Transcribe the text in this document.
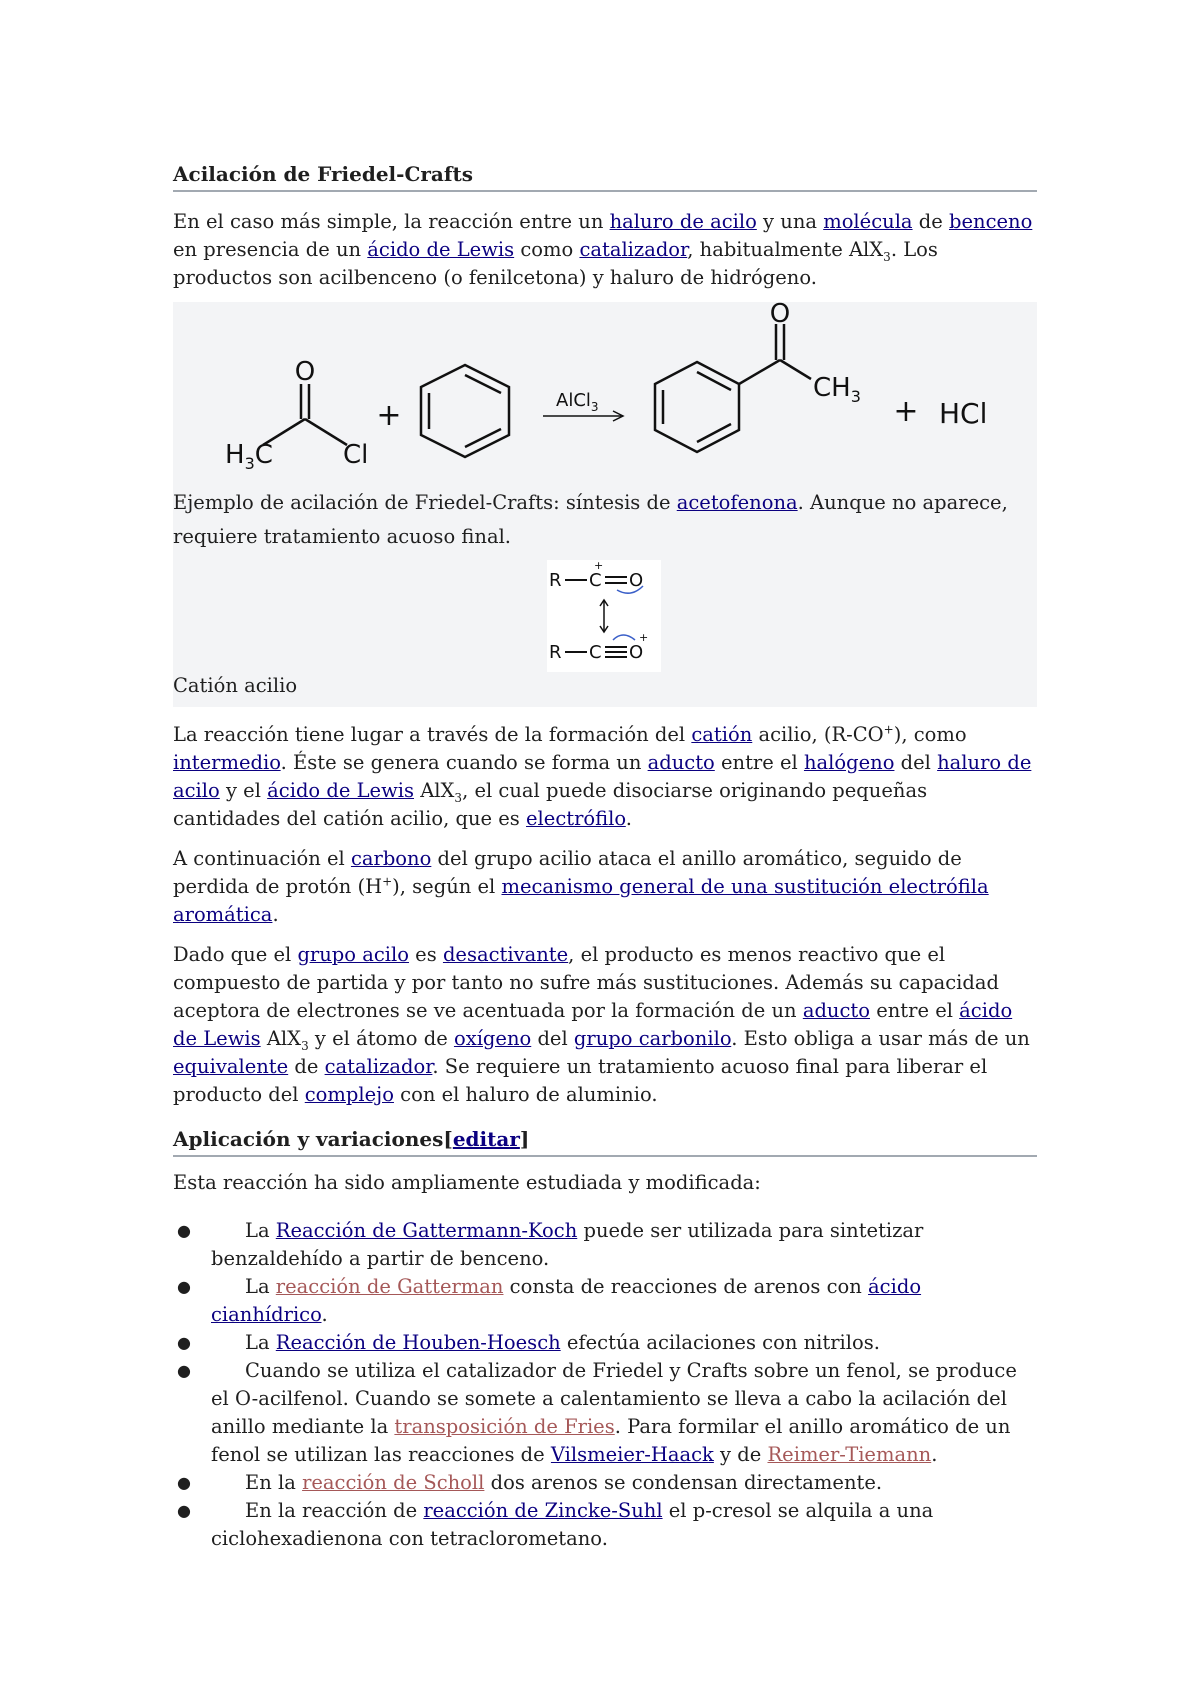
Acilación de Friedel-Crafts

En el caso más simple, la reacción entre un haluro de acilo y una molécula de benceno en presencia de un ácido de Lewis como catalizador, habitualmente AlX$_3$. Los productos son acilbenceno (o fenilcetona) y haluro de hidrógeno.

O
$H_3C$	Cl
+	AlCl$_3$
O
$CH_3$ + HCl
Ejemplo de acilación de Friedel-Crafts: síntesis de acetofenona. Aunque no aparece, requiere tratamiento acuoso final.
R C
+
O
R C O
+
Catión acilio

La reacción tiene lugar a través de la formación del catión acilio, (R-CO+), como intermedio. Éste se genera cuando se forma un aducto entre el halógeno del haluro de acilo y el ácido de Lewis AlX$_3$, el cual puede disociarse originando pequeñas cantidades del catión acilio, que es electrófilo.

A continuación el carbono del grupo acilio ataca el anillo aromático, seguido de perdida de protón (H+), según el mecanismo general de una sustitución electrófila aromática.

Dado que el grupo acilo es desactivante, el producto es menos reactivo que el compuesto de partida y por tanto no sufre más sustituciones. Además su capacidad aceptora de electrones se ve acentuada por la formación de un aducto entre el ácido de Lewis AlX$_3$ y el átomo de oxígeno del grupo carbonilo. Esto obliga a usar más de un equivalente de catalizador. Se requiere un tratamiento acuoso final para liberar el producto del complejo con el haluro de aluminio.

Aplicación y variaciones[editar]

Esta reacción ha sido ampliamente estudiada y modificada:

●	La Reacción de Gattermann-Koch puede ser utilizada para sintetizar benzaldehído a partir de benceno.
●	La reacción de Gatterman consta de reacciones de arenos con ácido cianhídrico.
●	La Reacción de Houben-Hoesch efectúa acilaciones con nitrilos.
●	Cuando se utiliza el catalizador de Friedel y Crafts sobre un fenol, se produce el O-acilfenol. Cuando se somete a calentamiento se lleva a cabo la acilación del anillo mediante la transposición de Fries. Para formilar el anillo aromático de un fenol se utilizan las reacciones de Vilsmeier-Haack y de Reimer-Tiemann.
●	En la reacción de Scholl dos arenos se condensan directamente.
●	En la reacción de reacción de Zincke-Suhl el p-cresol se alquila a una ciclohexadienona con tetraclorometano.
